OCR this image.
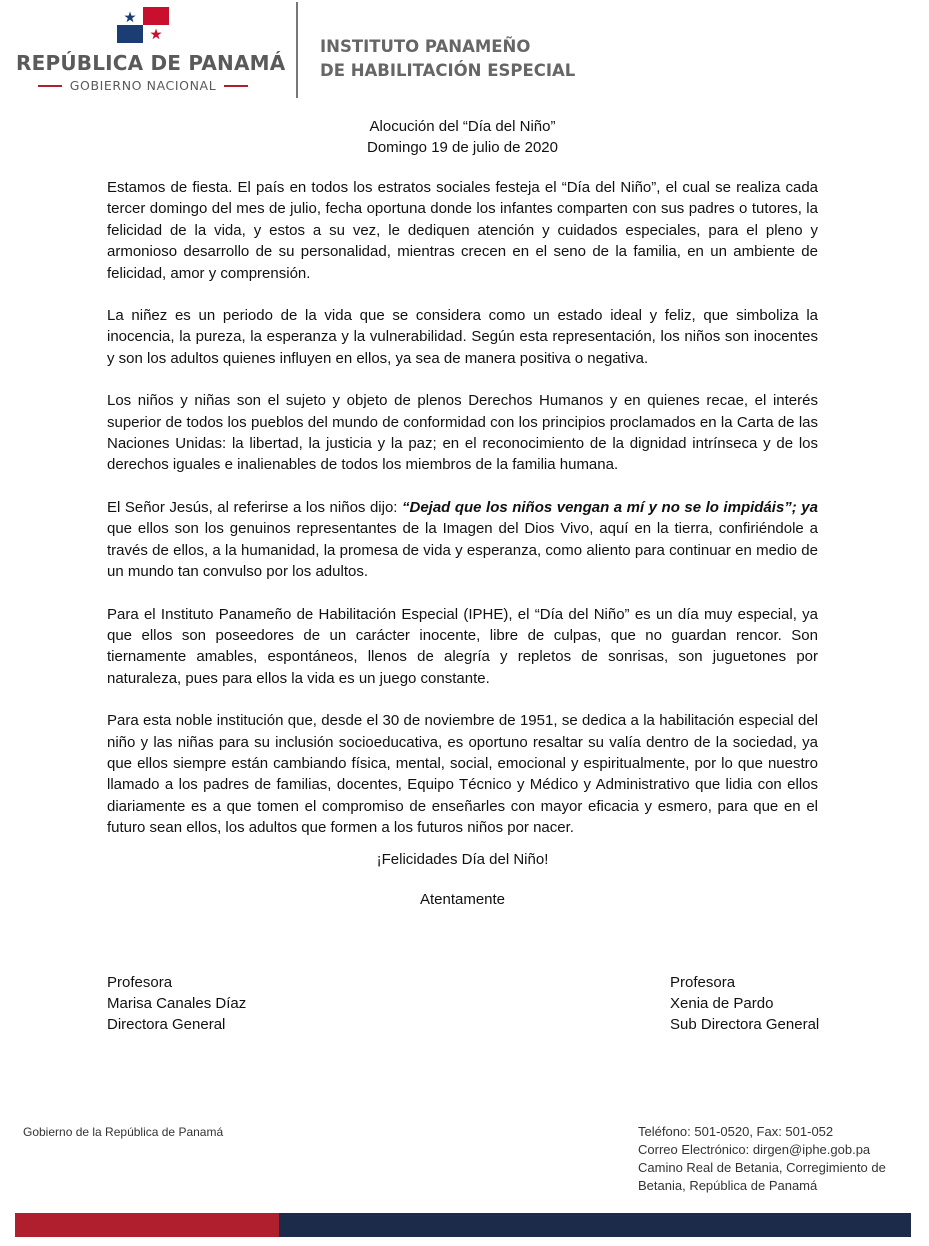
REPÚBLICA DE PANAMÁ
GOBIERNO NACIONAL
INSTITUTO PANAMEÑO
DE HABILITACIÓN ESPECIAL
Alocución del “Día del Niño”
Domingo 19 de julio de 2020

Estamos de fiesta. El país en todos los estratos sociales festeja el “Día del Niño”, el cual se realiza cada tercer domingo del mes de julio, fecha oportuna donde los infantes comparten con sus padres o tutores, la felicidad de la vida, y estos a su vez, le dediquen atención y cuidados especiales, para el pleno y armonioso desarrollo de su personalidad, mientras crecen en el seno de la familia, en un ambiente de felicidad, amor y comprensión.

La niñez es un periodo de la vida que se considera como un estado ideal y feliz, que simboliza la inocencia, la pureza, la esperanza y la vulnerabilidad. Según esta representación, los niños son inocentes y son los adultos quienes influyen en ellos, ya sea de manera positiva o negativa.

Los niños y niñas son el sujeto y objeto de plenos Derechos Humanos y en quienes recae, el interés superior de todos los pueblos del mundo de conformidad con los principios proclamados en la Carta de las Naciones Unidas: la libertad, la justicia y la paz; en el reconocimiento de la dignidad intrínseca y de los derechos iguales e inalienables de todos los miembros de la familia humana.

El Señor Jesús, al referirse a los niños dijo: “Dejad que los niños vengan a mí y no se lo impidáis”; ya que ellos son los genuinos representantes de la Imagen del Dios Vivo, aquí en la tierra, confiriéndole a través de ellos, a la humanidad, la promesa de vida y esperanza, como aliento para continuar en medio de un mundo tan convulso por los adultos.

Para el Instituto Panameño de Habilitación Especial (IPHE), el “Día del Niño” es un día muy especial, ya que ellos son poseedores de un carácter inocente, libre de culpas, que no guardan rencor. Son tiernamente amables, espontáneos, llenos de alegría y repletos de sonrisas, son juguetones por naturaleza, pues para ellos la vida es un juego constante.

Para esta noble institución que, desde el 30 de noviembre de 1951, se dedica a la habilitación especial del niño y las niñas para su inclusión socioeducativa, es oportuno resaltar su valía dentro de la sociedad, ya que ellos siempre están cambiando física, mental, social, emocional y espiritualmente, por lo que nuestro llamado a los padres de familias, docentes, Equipo Técnico y Médico y Administrativo que lidia con ellos diariamente es a que tomen el compromiso de enseñarles con mayor eficacia y esmero, para que en el futuro sean ellos, los adultos que formen a los futuros niños por nacer.

¡Felicidades Día del Niño!
Atentamente
Profesora
Marisa Canales Díaz
Directora General
Profesora
Xenia de Pardo
Sub Directora General
Gobierno de la República de Panamá	Teléfono: 501-0520, Fax: 501-052
Correo Electrónico: dirgen@iphe.gob.pa
Camino Real de Betania, Corregimiento de
Betania, República de Panamá
